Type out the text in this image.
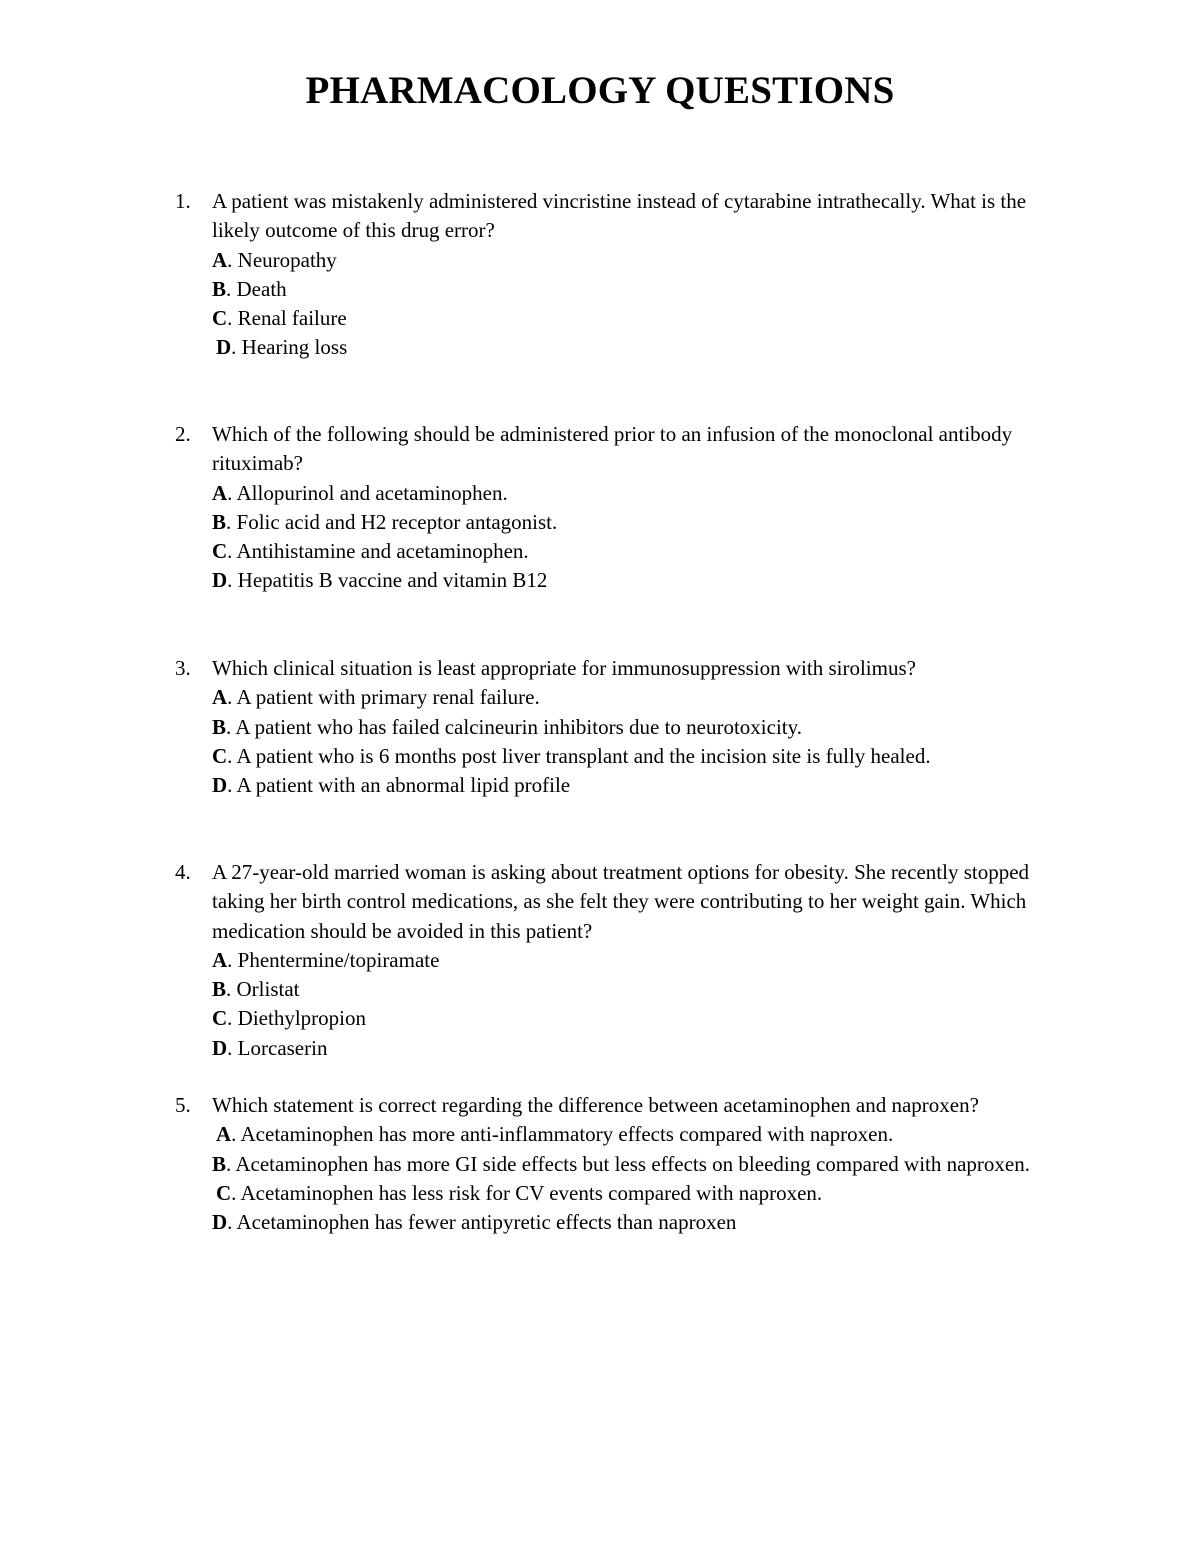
PHARMACOLOGY QUESTIONS
1. A patient was mistakenly administered vincristine instead of cytarabine intrathecally. What is the likely outcome of this drug error?

A. Neuropathy

B. Death

C. Renal failure

D. Hearing loss

2. Which of the following should be administered prior to an infusion of the monoclonal antibody rituximab?

A. Allopurinol and acetaminophen.

B. Folic acid and H2 receptor antagonist.

C. Antihistamine and acetaminophen.

D. Hepatitis B vaccine and vitamin B12

3. Which clinical situation is least appropriate for immunosuppression with sirolimus?

A. A patient with primary renal failure.

B. A patient who has failed calcineurin inhibitors due to neurotoxicity.

C. A patient who is 6 months post liver transplant and the incision site is fully healed.

D. A patient with an abnormal lipid profile

4. A 27-year-old married woman is asking about treatment options for obesity. She recently stopped taking her birth control medications, as she felt they were contributing to her weight gain. Which medication should be avoided in this patient?

A. Phentermine/topiramate

B. Orlistat

C. Diethylpropion

D. Lorcaserin

5. Which statement is correct regarding the difference between acetaminophen and naproxen?

A. Acetaminophen has more anti-inflammatory effects compared with naproxen.

B. Acetaminophen has more GI side effects but less effects on bleeding compared with naproxen.

C. Acetaminophen has less risk for CV events compared with naproxen.

D. Acetaminophen has fewer antipyretic effects than naproxen
